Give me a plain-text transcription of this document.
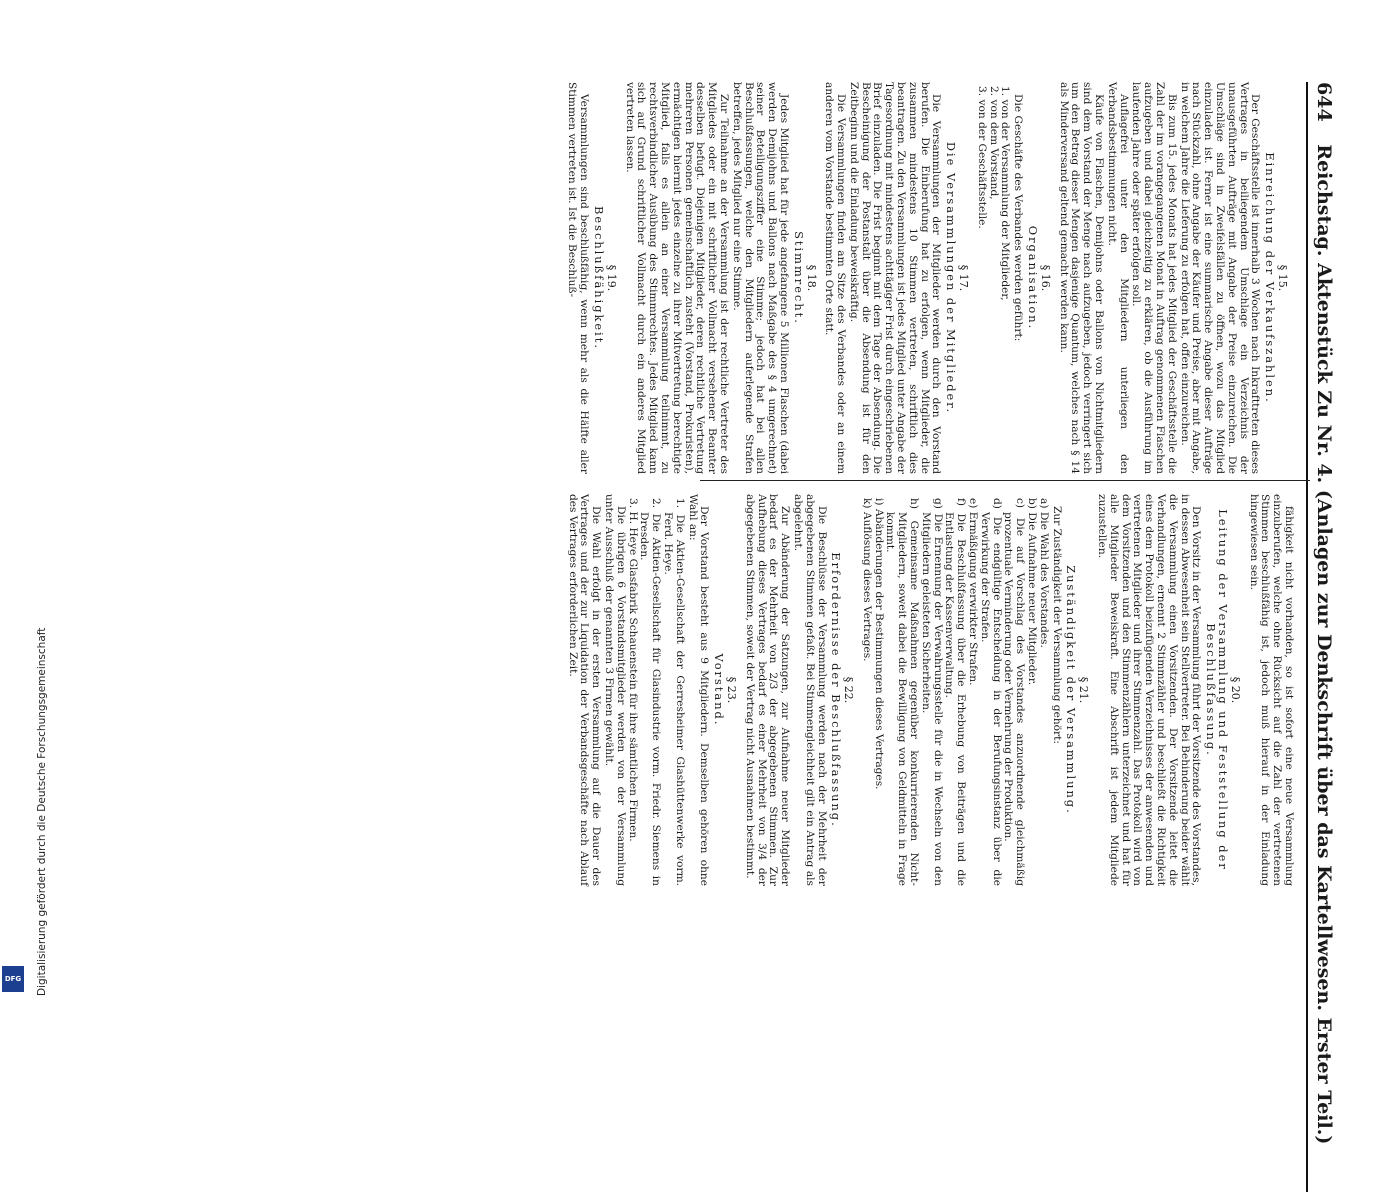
644 Reichstag. Aktenstück Zu Nr. 4. (Anlagen zur Denkschrift über das Kartellwesen. Erster Teil.)

§ 15.

Einreichung der Verkaufszahlen.

Der Geschäftsstelle ist innerhalb 3 Wochen nach Inkrafttreten dieses Vertrages in beiliegendem Umschlage ein Verzeichnis der unausgeführten Aufträge mit Angabe der Preise einzureichen. Die Umschläge sind in Zweifelsfällen zu öffnen, wozu das Mitglied einzuladen ist. Ferner ist eine summarische Angabe dieser Aufträge nach Stückzahl, ohne Angabe der Käufer und Preise, aber mit Angabe, in welchem Jahre die Lieferung zu erfolgen hat, offen einzureichen.

Bis zum 15. jedes Monats hat jedes Mitglied der Geschäftsstelle die Zahl der im vorangegangenen Monat in Auftrag genommenen Flaschen aufzugeben und dabei gleichzeitig zu erklären, ob die Ausführung im laufenden Jahre oder später erfolgen soll.

Auflagefrei unter den Mitgliedern unterliegen den Verbandsbestimmungen nicht.

Käufe von Flaschen, Demijohns oder Ballons von Nichtmitgliedern sind dem Vorstand der Menge nach aufzugeben, jedoch verringert sich um den Betrag dieser Mengen dasjenige Quantum, welches nach § 14 als Minderversand geltend gemacht werden kann.

§ 16.

Organisation.

Die Geschäfte des Verbandes werden geführt:

1. von der Versammlung der Mitglieder,

2. von dem Vorstand,

3. von der Geschäftsstelle.

§ 17.

Die Versammlungen der Mitglieder.

Die Versammlungen der Mitglieder werden durch den Vorstand berufen. Die Einberufung hat zu erfolgen, wenn Mitglieder, die zusammen mindestens 10 Stimmen vertreten, schriftlich dies beantragen. Zu den Versammlungen ist jedes Mitglied unter Angabe der Tagesordnung mit mindestens achttägiger Frist durch eingeschriebenen Brief einzuladen. Die Frist beginnt mit dem Tage der Absendung. Die Bescheinigung der Postanstalt über die Absendung ist für den Zeitbeginn und die Einladung beweiskräftig.

Die Versammlungen finden am Sitze des Verbandes oder an einem anderen vom Vorstande bestimmten Orte statt.

§ 18.

Stimmrecht.

Jedes Mitglied hat für jede angefangene 5 Millionen Flaschen (dabei werden Demijohns und Ballons nach Maßgabe des § 4 umgerechnet) seiner Beteiligungsziffer eine Stimme; jedoch hat bei allen Beschlußfassungen, welche den Mitgliedern auferlegende Strafen betreffen, jedes Mitglied nur eine Stimme.

Zur Teilnahme an der Versammlung ist der rechtliche Vertreter des Mitgliedes oder ein mit schriftlicher Vollmacht versehener Beamter desselben befugt. Diejenigen Mitglieder, deren rechtliche Vertretung mehreren Personen gemeinschaftlich zusteht (Vorstand, Prokuristen), ermächtigen hiermit jedes einzelne zu ihrer Mitvertretung berechtigte Mitglied, falls es allein an einer Versammlung teilnimmt, zu rechtsverbindlicher Ausübung des Stimmrechtes. Jedes Mitglied kann sich auf Grund schriftlicher Vollmacht durch ein anderes Mitglied vertreten lassen.

§ 19.

Beschlußfähigkeit.

Versammlungen sind beschlußfähig, wenn mehr als die Hälfte aller Stimmen vertreten ist. Ist die Beschluß-

fähigkeit nicht vorhanden, so ist sofort eine neue Versammlung einzuberufen, welche ohne Rücksicht auf die Zahl der vertretenen Stimmen beschlußfähig ist, jedoch muß hierauf in der Einladung hingewiesen sein.

§ 20.

Leitung der Versammlung und Feststellung der Beschlußfassung.

Den Vorsitz in der Versammlung führt der Vorsitzende des Vorstandes, in dessen Abwesenheit sein Stellvertreter. Bei Behinderung beider wählt die Versammlung einen Vorsitzenden. Der Vorsitzende leitet die Verhandlungen, ernennt 2 Stimmzähler und beschließt die Richtigkeit eines dem Protokoll beizufügenden Verzeichnisses der anwesenden und vertretenen Mitglieder und ihrer Stimmenzahl. Das Protokoll wird von dem Vorsitzenden und den Stimmenzählern unterzeichnet und hat für alle Mitglieder Beweiskraft. Eine Abschrift ist jedem Mitgliede zuzustellen.

§ 21.

Zuständigkeit der Versammlung.

Zur Zuständigkeit der Versammlung gehört:

a) Die Wahl des Vorstandes.

b) Die Aufnahme neuer Mitglieder.

c) Die auf Vorschlag des Vorstandes anzuordnende gleichmäßig prozentuale Verminderung oder Vermehrung der Produktion.

d) Die endgültige Entscheidung in der Berufungsinstanz über die Verwirkung der Strafen.

e) Ermäßigung verwirkter Strafen.

f) Die Beschlußfassung über die Erhebung von Beiträgen und die Entlastung der Kassenverwaltung.

g) Die Ernennung der Verwahrungsstelle für die in Wechseln von den Mitgliedern geleisteten Sicherheiten.

h) Gemeinsame Maßnahmen gegenüber konkurrierenden Nicht-Mitgliedern, soweit dabei die Bewilligung von Geldmitteln in Frage kommt.

i) Abänderungen der Bestimmungen dieses Vertrages.

k) Auflösung dieses Vertrages.

§ 22.

Erfordernisse der Beschlußfassung.

Die Beschlüsse der Versammlung werden nach der Mehrheit der abgegebenen Stimmen gefaßt. Bei Stimmengleichheit gilt ein Antrag als abgelehnt.

Zur Abänderung der Satzungen, zur Aufnahme neuer Mitglieder bedarf es der Mehrheit von 2/3 der abgegebenen Stimmen. Zur Aufhebung dieses Vertrages bedarf es einer Mehrheit von 3/4 der abgegebenen Stimmen, soweit der Vertrag nicht Ausnahmen bestimmt.

§ 23.

Vorstand.

Der Vorstand besteht aus 9 Mitgliedern. Demselben gehören ohne Wahl an:

1. Die Aktien-Gesellschaft der Gerresheimer Glashüttenwerke vorm. Ferd. Heye.

2. Die Aktien-Gesellschaft für Glasindustrie vorm. Friedr. Siemens in Dresden.

3. H. Heye Glasfabrik Schauenstein für ihre sämtlichen Firmen.

Die übrigen 6 Vorstandsmitglieder werden von der Versammlung unter Ausschluß der genannten 3 Firmen gewählt.

Die Wahl erfolgt in der ersten Versammlung auf die Dauer des Vertrages und der zur Liquidation der Verbandsgeschäfte nach Ablauf des Vertrages erforderlichen Zeit.

Digitalisierung gefördert durch die Deutsche Forschungsgemeinschaft
DFG
